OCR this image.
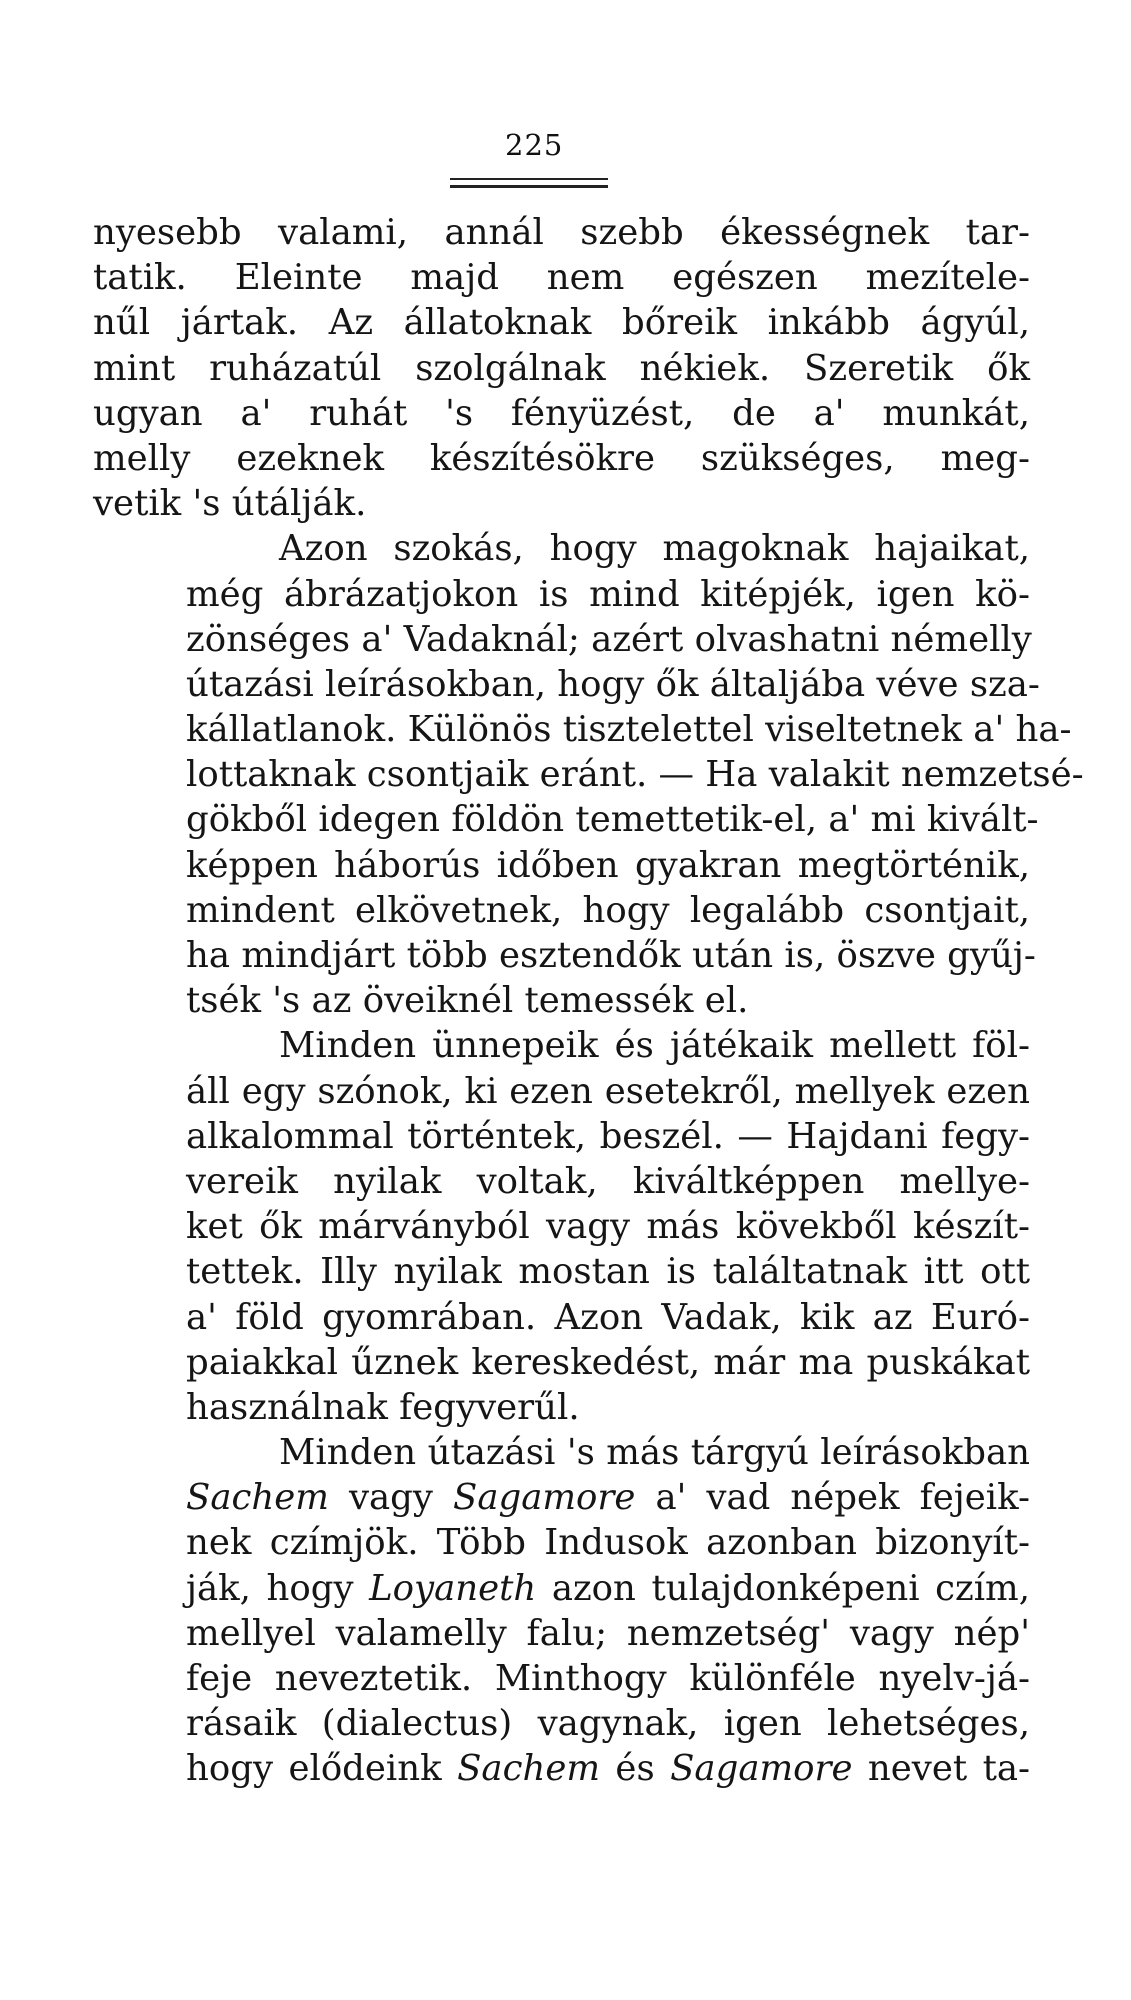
225
nyesebb valami, annál szebb ékességnek tar-
tatik. Eleinte majd nem egészen mezítele-
nűl jártak. Az állatoknak bőreik inkább ágyúl,
mint ruházatúl szolgálnak nékiek. Szeretik ők
ugyan a' ruhát 's fényüzést, de a' munkát,
melly ezeknek készítésökre szükséges, meg-
vetik 's útálják.
Azon szokás, hogy magoknak hajaikat,
még ábrázatjokon is mind kitépjék, igen kö-
zönséges a' Vadaknál; azért olvashatni némelly
útazási leírásokban, hogy ők általjába véve sza-
kállatlanok. Különös tisztelettel viseltetnek a' ha-
lottaknak csontjaik eránt. — Ha valakit nemzetsé-
gökből idegen földön temettetik-el, a' mi kivált-
képpen háborús időben gyakran megtörténik,
mindent elkövetnek, hogy legalább csontjait,
ha mindjárt több esztendők után is, öszve gyűj-
tsék 's az öveiknél temessék el.
Minden ünnepeik és játékaik mellett föl-
áll egy szónok, ki ezen esetekről, mellyek ezen
alkalommal történtek, beszél. — Hajdani fegy-
vereik nyilak voltak, kiváltképpen mellye-
ket ők márványból vagy más kövekből készít-
tettek. Illy nyilak mostan is találtatnak itt ott
a' föld gyomrában. Azon Vadak, kik az Euró-
paiakkal űznek kereskedést, már ma puskákat
használnak fegyverűl.
Minden útazási 's más tárgyú leírásokban
Sachem vagy Sagamore a' vad népek fejeik-
nek czímjök. Több Indusok azonban bizonyít-
ják, hogy Loyaneth azon tulajdonképeni czím,
mellyel valamelly falu; nemzetség' vagy nép'
feje neveztetik. Minthogy különféle nyelv-já-
rásaik (dialectus) vagynak, igen lehetséges,
hogy elődeink Sachem és Sagamore nevet ta-
